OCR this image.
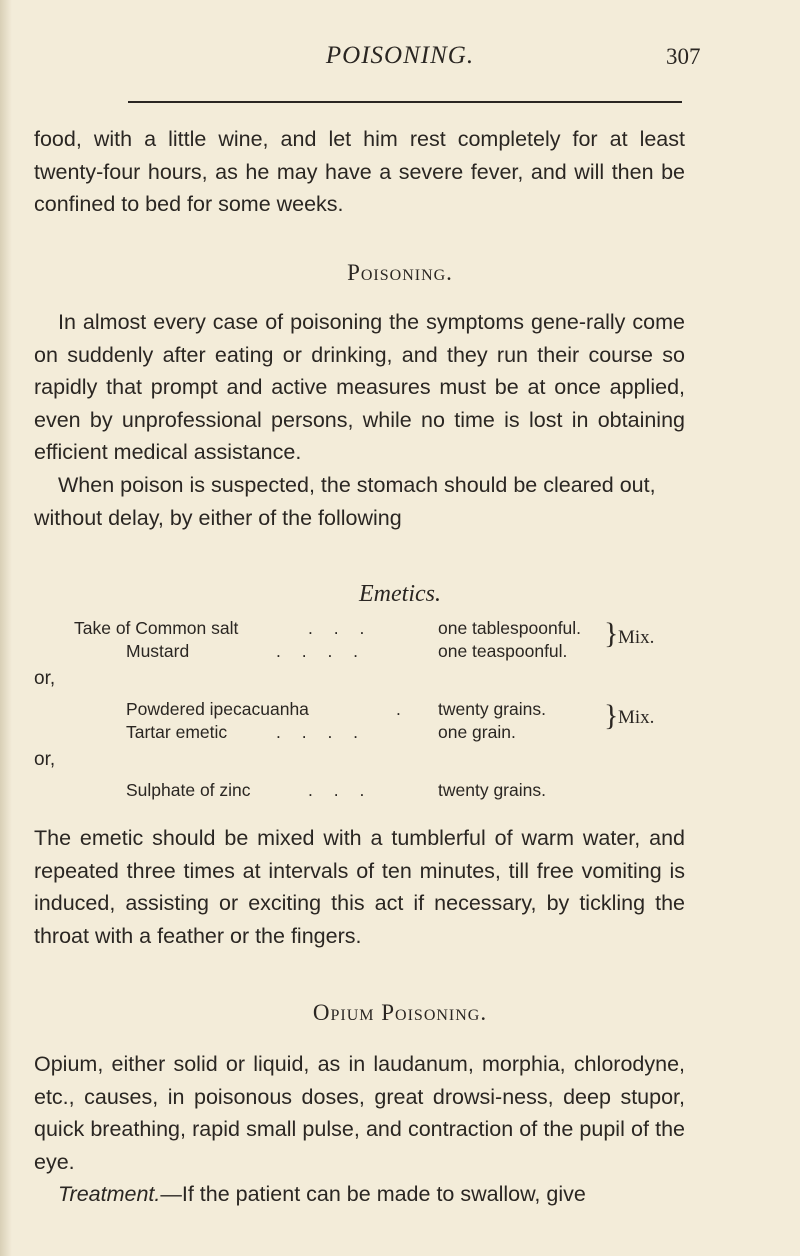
POISONING.	307

food, with a little wine, and let him rest completely for at least twenty-four hours, as he may have a severe fever, and will then be confined to bed for some weeks.

Poisoning.

In almost every case of poisoning the symptoms gene-rally come on suddenly after eating or drinking, and they run their course so rapidly that prompt and active measures must be at once applied, even by unprofessional persons, while no time is lost in obtaining efficient medical assistance.

When poison is suspected, the stomach should be cleared out, without delay, by either of the following

Emetics.
Take of Common salt	. . .	one tablespoonful.
Mustard	. . . .	one teaspoonful.
} Mix.
or,
Powdered ipecacuanha	. twenty grains.
Tartar emetic	. . . .	one grain.	} Mix.
or,
Sulphate of zinc	. . .	twenty grains.

The emetic should be mixed with a tumblerful of warm water, and repeated three times at intervals of ten minutes, till free vomiting is induced, assisting or exciting this act if necessary, by tickling the throat with a feather or the fingers.

Opium Poisoning.

Opium, either solid or liquid, as in laudanum, morphia, chlorodyne, etc., causes, in poisonous doses, great drowsi-ness, deep stupor, quick breathing, rapid small pulse, and contraction of the pupil of the eye.

Treatment.—If the patient can be made to swallow, give
